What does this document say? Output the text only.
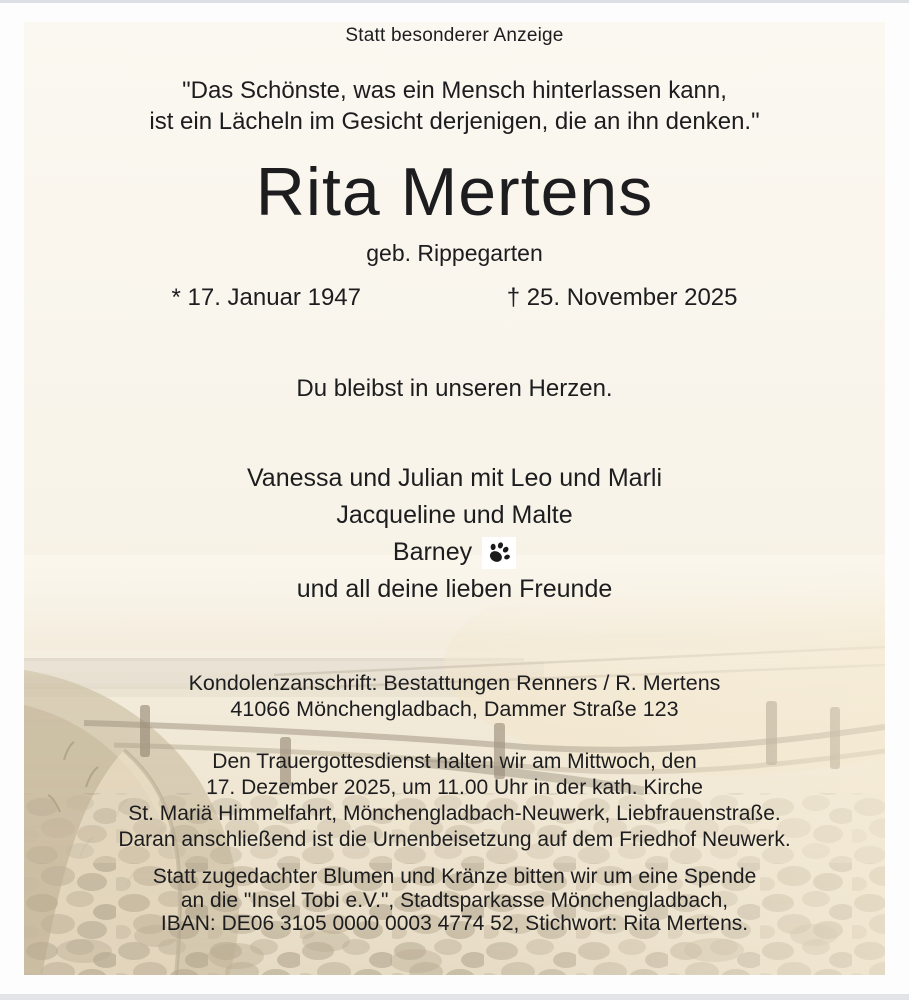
Statt besonderer Anzeige
"Das Schönste, was ein Mensch hinterlassen kann,
ist ein Lächeln im Gesicht derjenigen, die an ihn denken."
Rita Mertens
geb. Rippegarten
* 17. Januar 1947	† 25. November 2025
Du bleibst in unseren Herzen.
Vanessa und Julian mit Leo und Marli
Jacqueline und Malte
Barney
und all deine lieben Freunde
Kondolenzanschrift: Bestattungen Renners / R. Mertens
41066 Mönchengladbach, Dammer Straße 123
Den Trauergottesdienst halten wir am Mittwoch, den
17. Dezember 2025, um 11.00 Uhr in der kath. Kirche
St. Mariä Himmelfahrt, Mönchengladbach-Neuwerk, Liebfrauenstraße.
Daran anschließend ist die Urnenbeisetzung auf dem Friedhof Neuwerk.
Statt zugedachter Blumen und Kränze bitten wir um eine Spende
an die "Insel Tobi e.V.", Stadtsparkasse Mönchengladbach,
IBAN: DE06 3105 0000 0003 4774 52, Stichwort: Rita Mertens.
